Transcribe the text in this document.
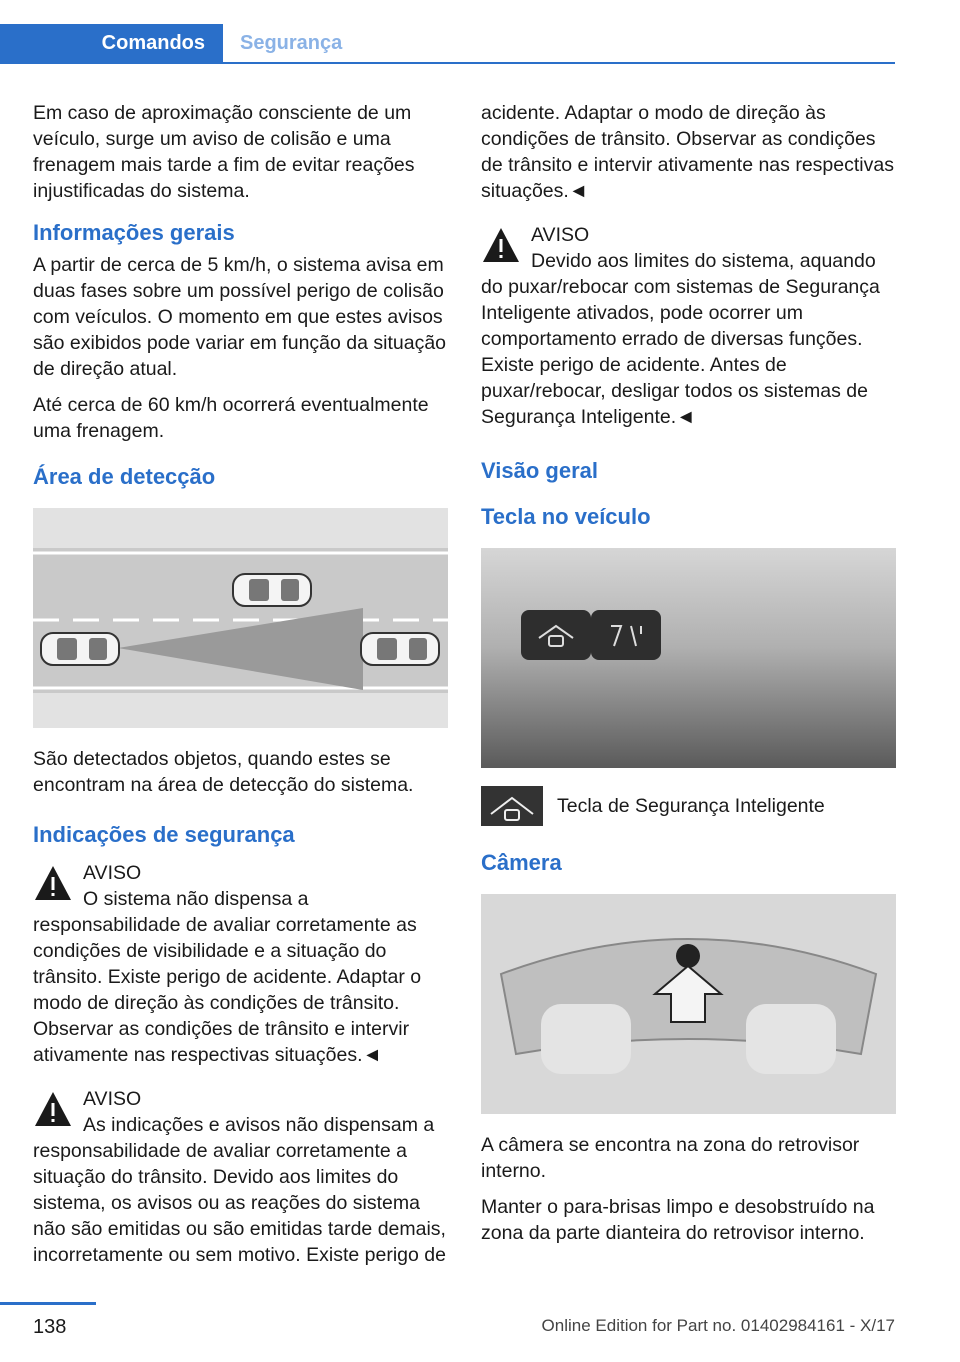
Comandos	Segurança

Em caso de aproximação consciente de um veículo, surge um aviso de colisão e uma frenagem mais tarde a fim de evitar reações injustificadas do sistema.

Informações gerais

A partir de cerca de 5 km/h, o sistema avisa em duas fases sobre um possível perigo de colisão com veículos. O momento em que estes avisos são exibidos pode variar em função da situação de direção atual.

Até cerca de 60 km/h ocorrerá eventualmente uma frenagem.

Área de detecção

São detectados objetos, quando estes se encontram na área de detecção do sistema.

Indicações de segurança
AVISO
O sistema não dispensa a responsabilidade de avaliar corretamente as condições de visibilidade e a situação do trânsito. Existe perigo de acidente. Adaptar o modo de direção às condições de trânsito. Observar as condições de trânsito e intervir ativamente nas respectivas situações.◄
AVISO
As indicações e avisos não dispensam a responsabilidade de avaliar corretamente a situação do trânsito. Devido aos limites do sistema, os avisos ou as reações do sistema não são emitidas ou são emitidas tarde demais, incorretamente ou sem motivo. Existe perigo de

acidente. Adaptar o modo de direção às condições de trânsito. Observar as condições de trânsito e intervir ativamente nas respectivas situações.◄

AVISO
Devido aos limites do sistema, aquando do puxar/rebocar com sistemas de Segurança Inteligente ativados, pode ocorrer um comportamento errado de diversas funções. Existe perigo de acidente. Antes de puxar/rebocar, desligar todos os sistemas de Segurança Inteligente.◄
Visão geral
Tecla no veículo
Tecla de Segurança Inteligente
Câmera

A câmera se encontra na zona do retrovisor interno.

Manter o para-brisas limpo e desobstruído na zona da parte dianteira do retrovisor interno.

138	Online Edition for Part no. 01402984161 - X/17
